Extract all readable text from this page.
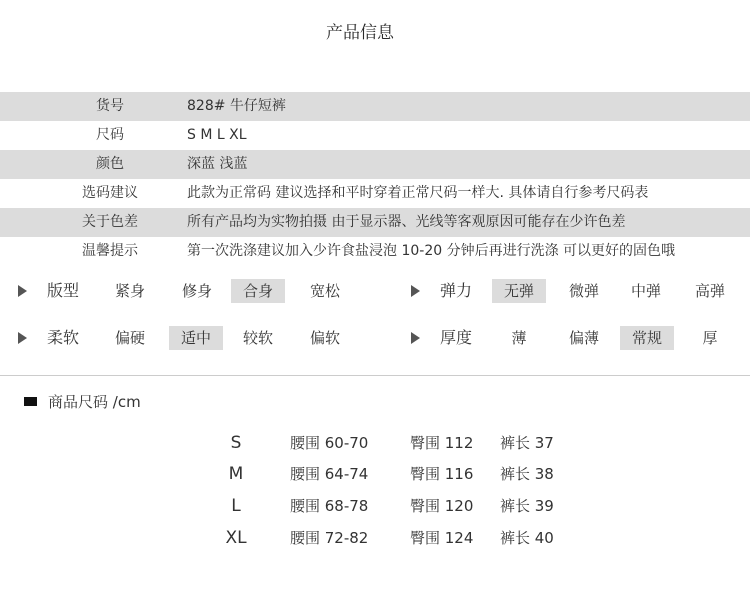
产品信息
货号	828# 牛仔短裤
尺码	S M L XL
颜色	深蓝 浅蓝
选码建议	此款为正常码 建议选择和平时穿着正常尺码一样大. 具体请自行参考尺码表
关于色差	所有产品均为实物拍摄 由于显示器、光线等客观原因可能存在少许色差
温馨提示	第一次洗涤建议加入少许食盐浸泡 10-20 分钟后再进行洗涤 可以更好的固色哦
版型	紧身	修身	合身	宽松	弹力	无弹	微弹	中弹	高弹
柔软	偏硬	适中	较软	偏软	厚度	薄	偏薄	常规	厚
商品尺码 /cm
S	腰围 60-70	臀围 112 裤长 37
M	腰围 64-74	臀围 116 裤长 38
L	腰围 68-78	臀围 120 裤长 39
XL	腰围 72-82	臀围 124 裤长 40
